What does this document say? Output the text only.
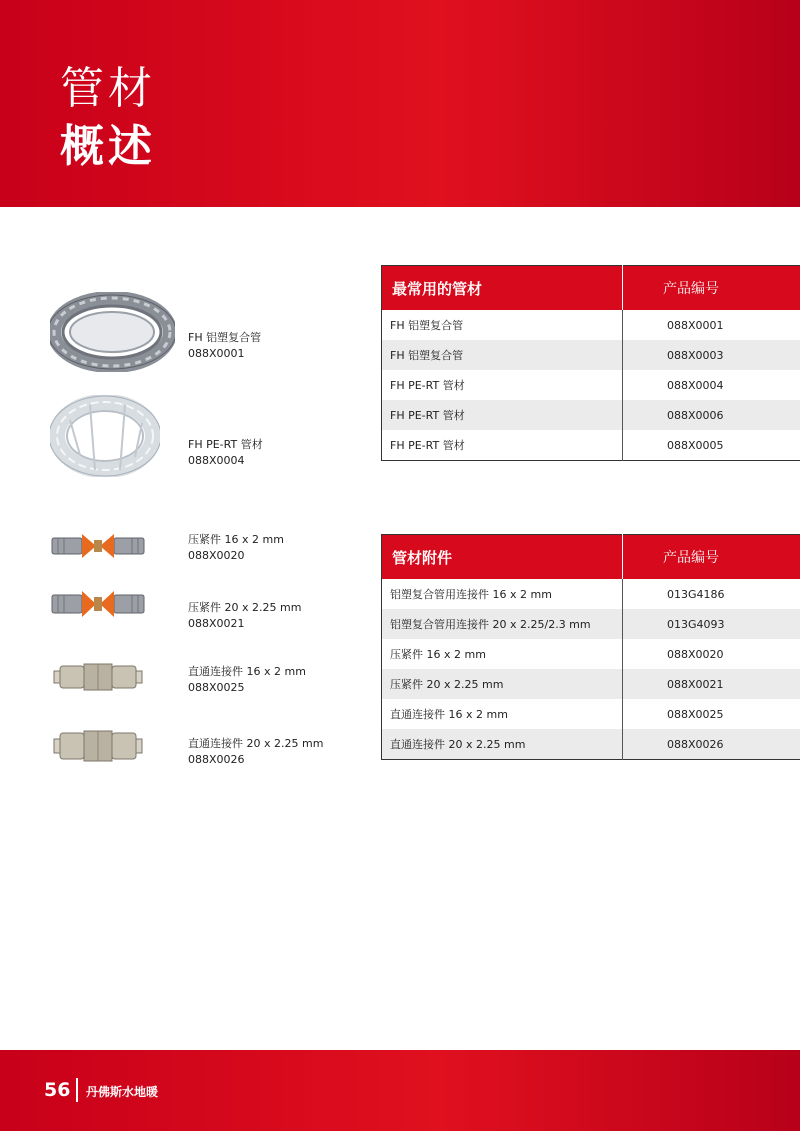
管材
概述
FH 铝塑复合管
088X0001
FH PE-RT 管材
088X0004
压紧件 16 x 2 mm
088X0020
压紧件 20 x 2.25 mm
088X0021
直通连接件 16 x 2 mm
088X0025
直通连接件 20 x 2.25 mm
088X0026
最常用的管材	产品编号
FH 铝塑复合管	088X0001
FH 铝塑复合管	088X0003
FH PE-RT 管材	088X0004
FH PE-RT 管材	088X0006
FH PE-RT 管材	088X0005
管材附件	产品编号
铝塑复合管用连接件 16 x 2 mm	013G4186
铝塑复合管用连接件 20 x 2.25/2.3 mm	013G4093
压紧件 16 x 2 mm	088X0020
压紧件 20 x 2.25 mm	088X0021
直通连接件 16 x 2 mm	088X0025
直通连接件 20 x 2.25 mm	088X0026
56 丹佛斯水地暖
